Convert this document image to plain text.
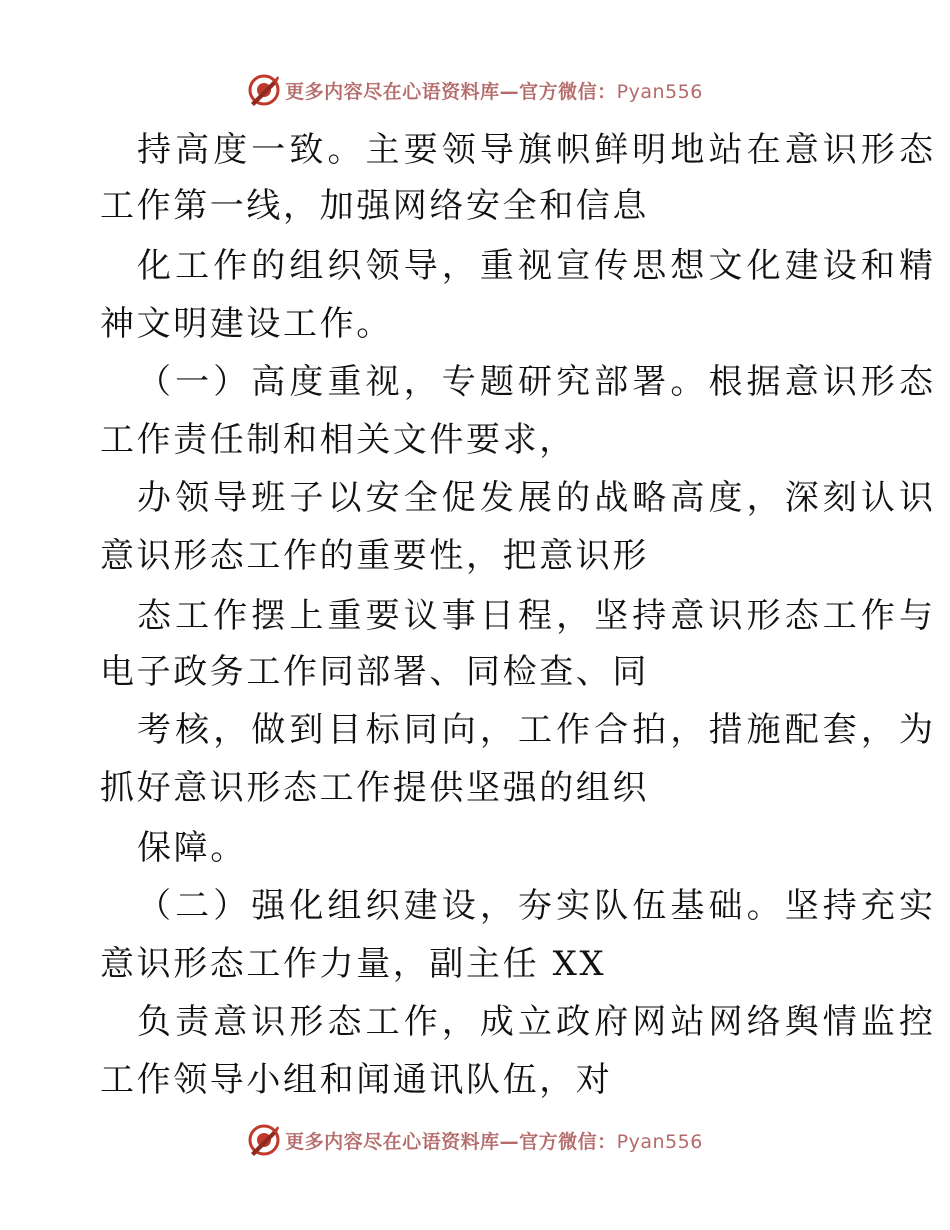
更多内容尽在心语资料库—官方微信：Pyan556
持高度一致。主要领导旗帜鲜明地站在意识形态
工作第一线，加强网络安全和信息
化工作的组织领导，重视宣传思想文化建设和精
神文明建设工作。
（一）高度重视，专题研究部署。根据意识形态
工作责任制和相关文件要求，
办领导班子以安全促发展的战略高度，深刻认识
意识形态工作的重要性，把意识形
态工作摆上重要议事日程，坚持意识形态工作与
电子政务工作同部署、同检查、同
考核，做到目标同向，工作合拍，措施配套，为
抓好意识形态工作提供坚强的组织
保障。
（二）强化组织建设，夯实队伍基础。坚持充实
意识形态工作力量，副主任 XX
负责意识形态工作，成立政府网站网络舆情监控
工作领导小组和闻通讯队伍，对
更多内容尽在心语资料库—官方微信：Pyan556
